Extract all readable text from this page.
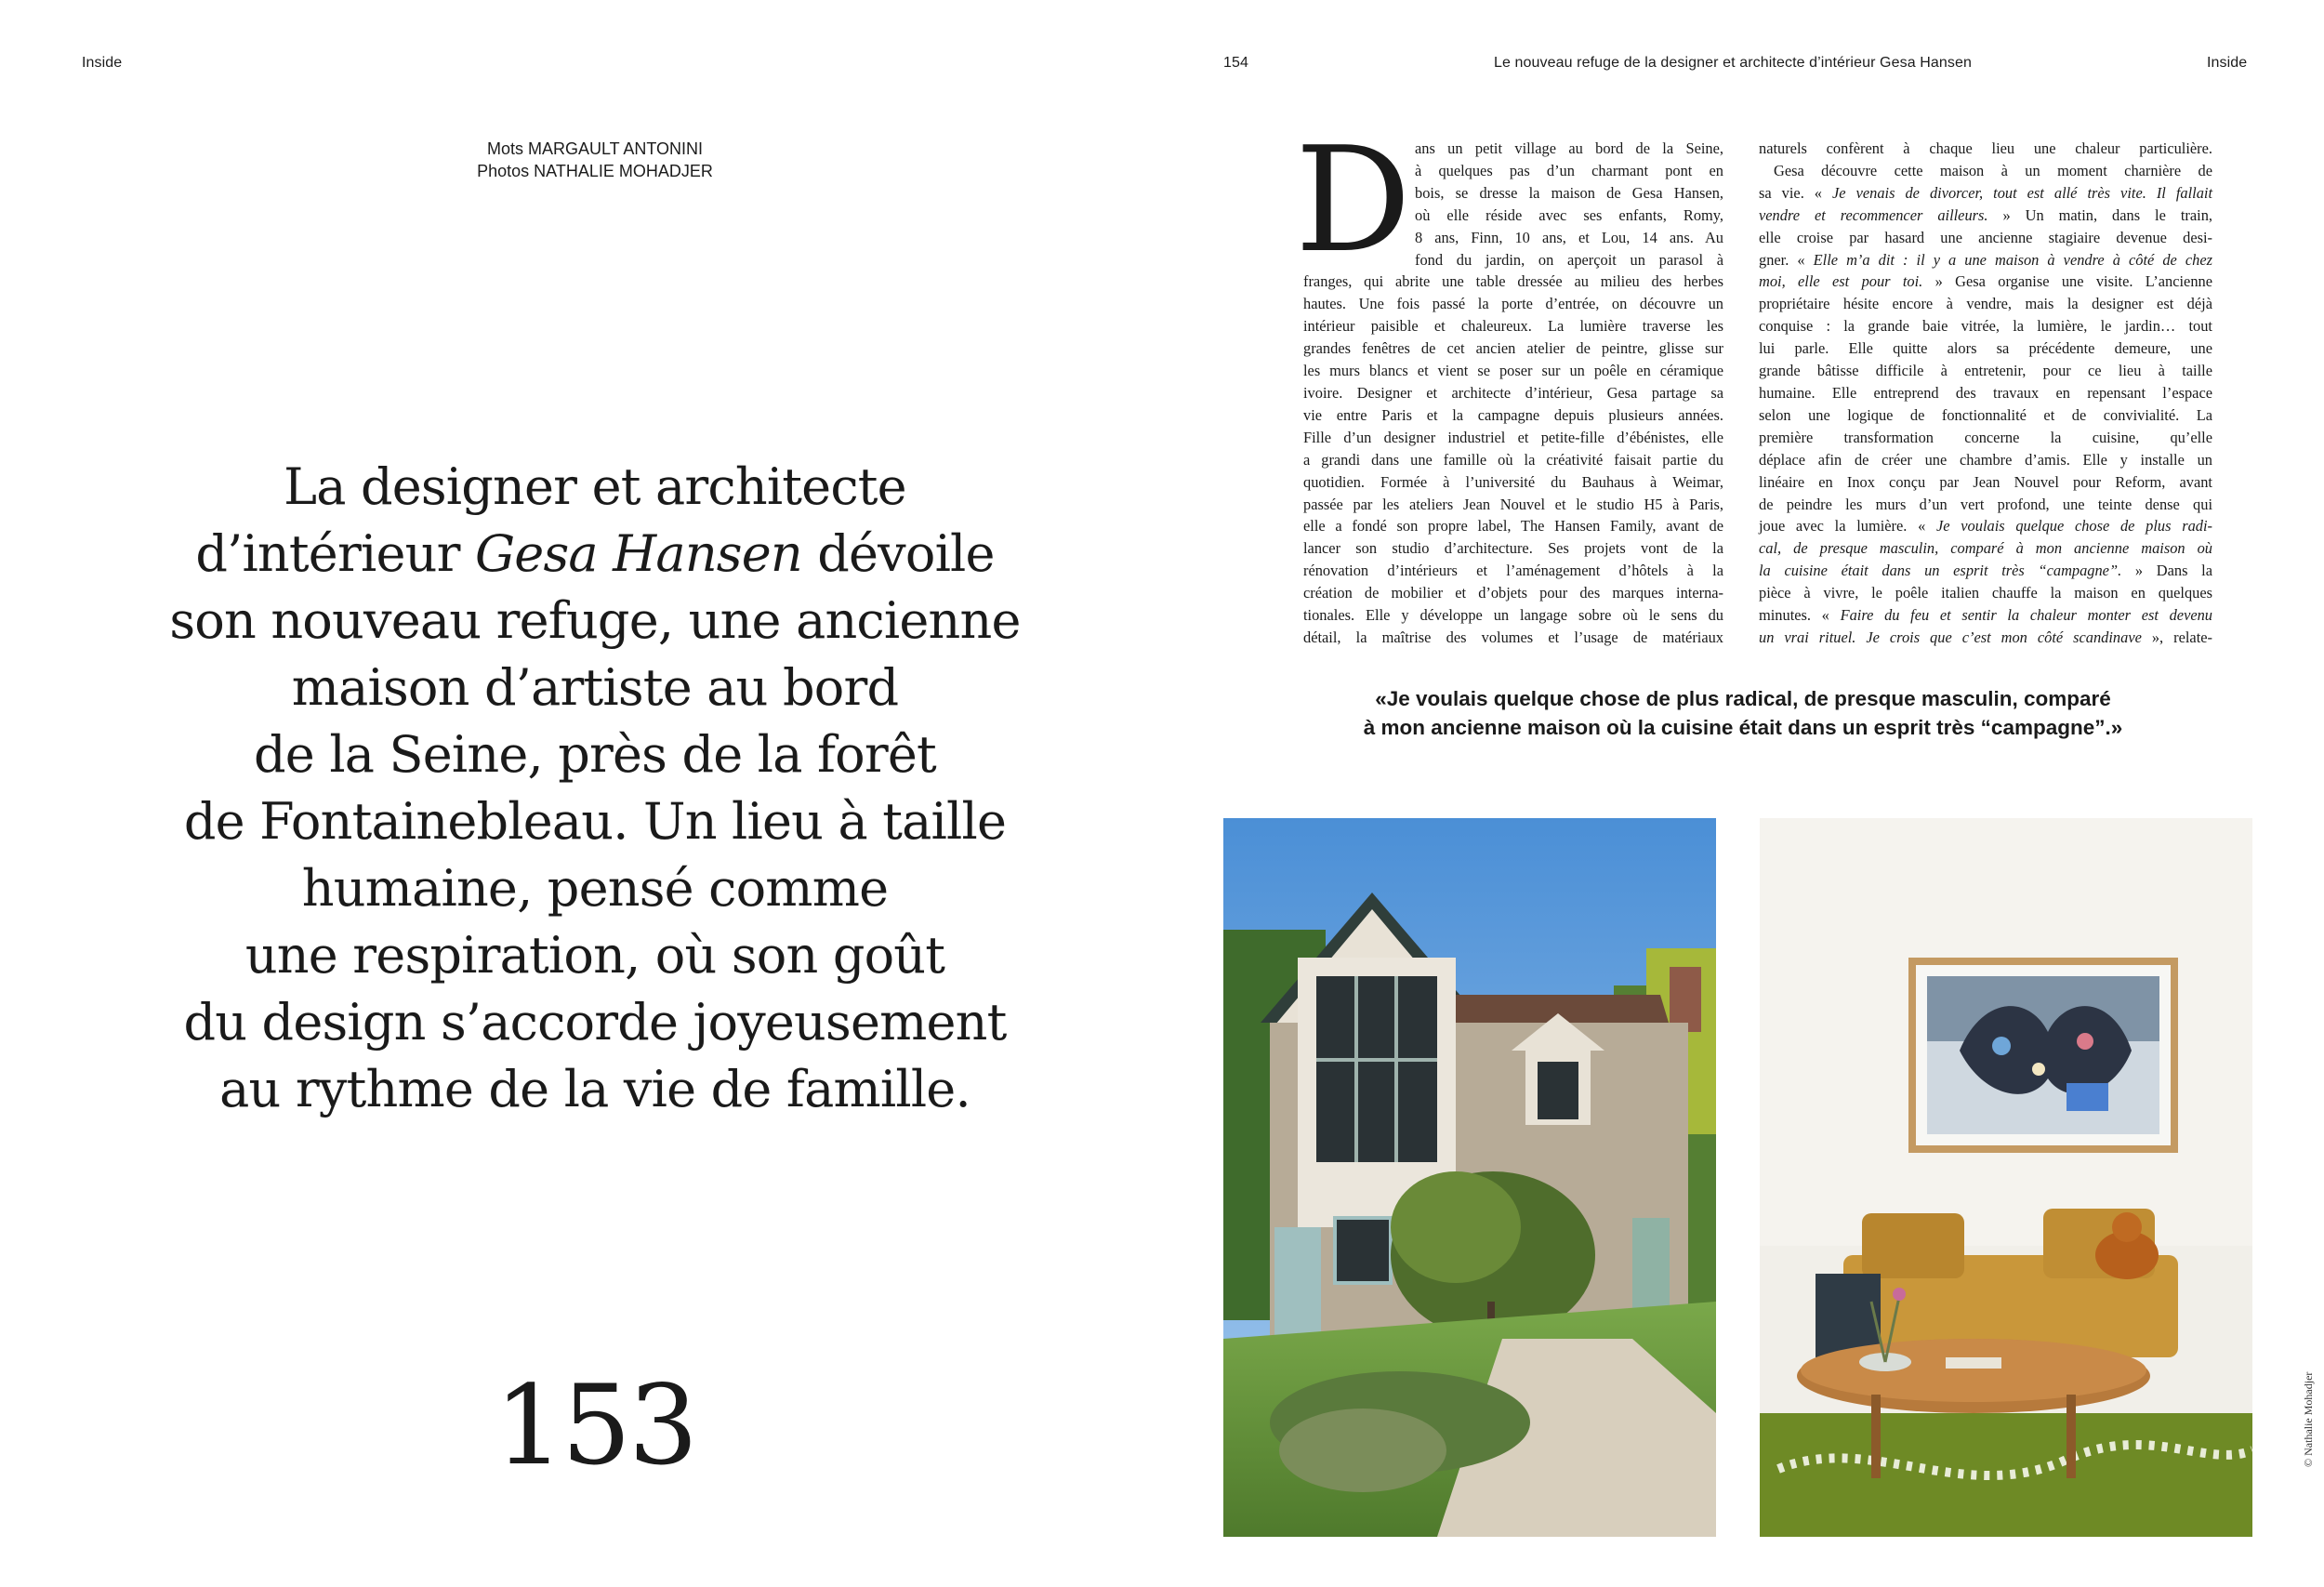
Inside
Mots MARGAULT ANTONINI
Photos NATHALIE MOHADJER
La designer et architecte
d’intérieur Gesa Hansen dévoile
son nouveau refuge, une ancienne
maison d’artiste au bord
de la Seine, près de la forêt
de Fontainebleau. Un lieu à taille
humaine, pensé comme
une respiration, où son goût
du design s’accorde joyeusement
au rythme de la vie de famille.
153
154	Le nouveau refuge de la designer et architecte d’intérieur Gesa Hansen	Inside
D ans un petit village au bord de la Seine,
à quelques pas d’un charmant pont en
bois, se dresse la maison de Gesa Hansen,
où elle réside avec ses enfants, Romy,
8 ans, Finn, 10 ans, et Lou, 14 ans. Au
fond du jardin, on aperçoit un parasol à
franges, qui abrite une table dressée au milieu des herbes
hautes. Une fois passé la porte d’entrée, on découvre un
intérieur paisible et chaleureux. La lumière traverse les
grandes fenêtres de cet ancien atelier de peintre, glisse sur
les murs blancs et vient se poser sur un poêle en céramique
ivoire. Designer et architecte d’intérieur, Gesa partage sa
vie entre Paris et la campagne depuis plusieurs années.
Fille d’un designer industriel et petite-fille d’ébénistes, elle
a grandi dans une famille où la créativité faisait partie du
quotidien. Formée à l’université du Bauhaus à Weimar,
passée par les ateliers Jean Nouvel et le studio H5 à Paris,
elle a fondé son propre label, The Hansen Family, avant de
lancer son studio d’architecture. Ses projets vont de la
rénovation d’intérieurs et l’aménagement d’hôtels à la
création de mobilier et d’objets pour des marques interna-
tionales. Elle y développe un langage sobre où le sens du
détail, la maîtrise des volumes et l’usage de matériaux
naturels confèrent à chaque lieu une chaleur particulière.
Gesa découvre cette maison à un moment charnière de
sa vie. « Je venais de divorcer, tout est allé très vite. Il fallait
vendre et recommencer ailleurs. » Un matin, dans le train,
elle croise par hasard une ancienne stagiaire devenue desi-
gner. « Elle m’a dit : il y a une maison à vendre à côté de chez
moi, elle est pour toi. » Gesa organise une visite. L’ancienne
propriétaire hésite encore à vendre, mais la designer est déjà
conquise : la grande baie vitrée, la lumière, le jardin… tout
lui parle. Elle quitte alors sa précédente demeure, une
grande bâtisse difficile à entretenir, pour ce lieu à taille
humaine. Elle entreprend des travaux en repensant l’espace
selon une logique de fonctionnalité et de convivialité. La
première transformation concerne la cuisine, qu’elle
déplace afin de créer une chambre d’amis. Elle y installe un
linéaire en Inox conçu par Jean Nouvel pour Reform, avant
de peindre les murs d’un vert profond, une teinte dense qui
joue avec la lumière. « Je voulais quelque chose de plus radi-
cal, de presque masculin, comparé à mon ancienne maison où
la cuisine était dans un esprit très “campagne”. » Dans la
pièce à vivre, le poêle italien chauffe la maison en quelques
minutes. « Faire du feu et sentir la chaleur monter est devenu
un vrai rituel. Je crois que c’est mon côté scandinave », relate-
«Je voulais quelque chose de plus radical, de presque masculin, comparé
à mon ancienne maison où la cuisine était dans un esprit très “campagne”.»
© Nathalie Mohadjer
